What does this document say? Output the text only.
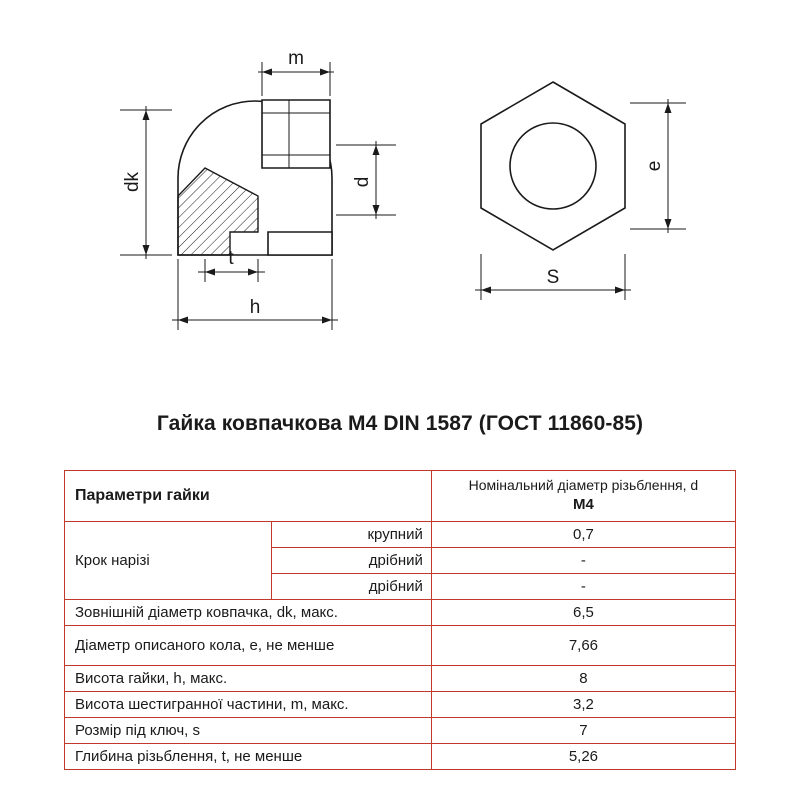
m
dk	d
t
h
e
S
Гайка ковпачкова M4 DIN 1587 (ГОСТ 11860-85)
Параметри гайки		Номінальний діаметр різьблення, d
M4

Крок нарізі	крупний	0,7
	дрібний	-
	дрібний	-
Зовнішній діаметр ковпачка, dk, макс.		6,5
Діаметр описаного кола, e, не менше		7,66
Висота гайки, h, макс.		8
Висота шестигранної частини, m, макс.		3,2
Розмір під ключ, s		7
Глибина різьблення, t, не менше		5,26
